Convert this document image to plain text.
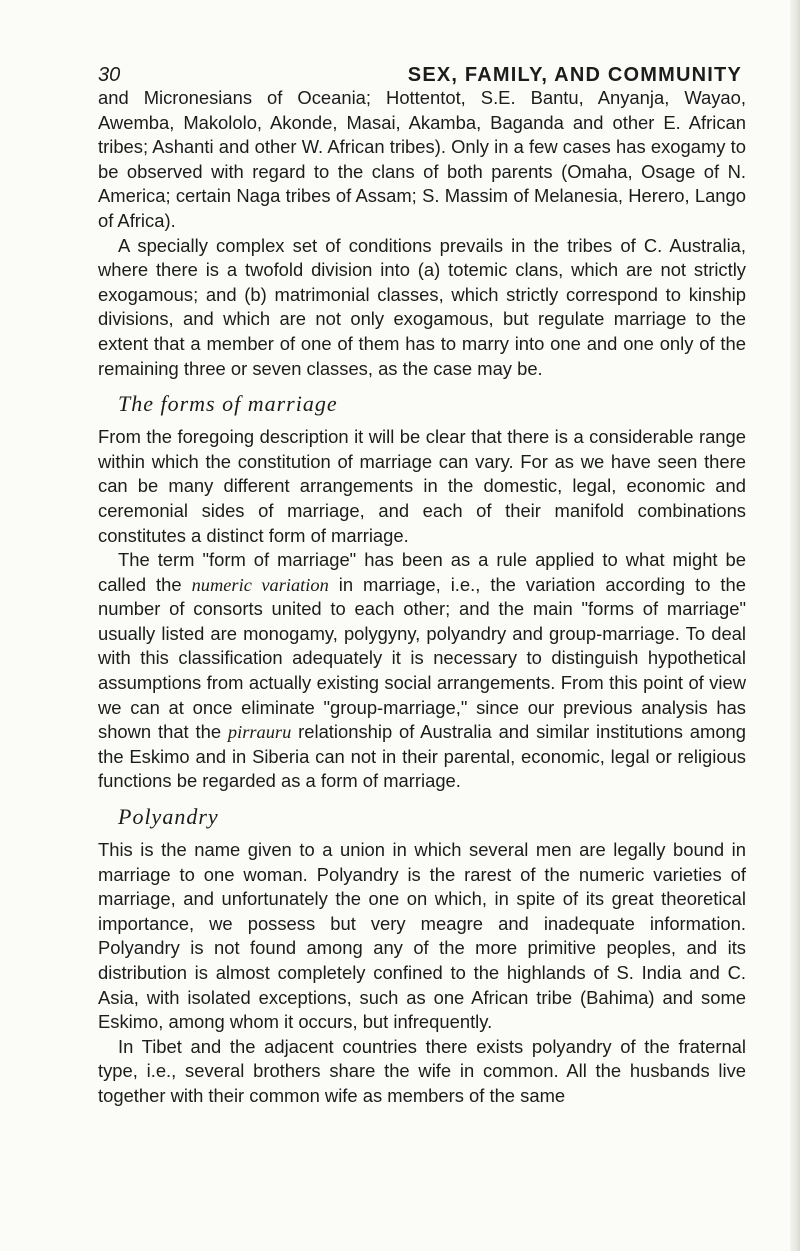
30	SEX, FAMILY, AND COMMUNITY

and Micronesians of Oceania; Hottentot, S.E. Bantu, Anyanja, Wayao, Awemba, Makololo, Akonde, Masai, Akamba, Baganda and other E. African tribes; Ashanti and other W. African tribes). Only in a few cases has exogamy to be observed with regard to the clans of both parents (Omaha, Osage of N. America; certain Naga tribes of Assam; S. Massim of Melanesia, Herero, Lango of Africa).

A specially complex set of conditions prevails in the tribes of C. Australia, where there is a twofold division into (a) totemic clans, which are not strictly exogamous; and (b) matrimonial classes, which strictly correspond to kinship divisions, and which are not only exogamous, but regulate marriage to the extent that a member of one of them has to marry into one and one only of the remaining three or seven classes, as the case may be.

The forms of marriage

From the foregoing description it will be clear that there is a considerable range within which the constitution of marriage can vary. For as we have seen there can be many different arrangements in the domestic, legal, economic and ceremonial sides of marriage, and each of their manifold combinations constitutes a distinct form of marriage.

The term "form of marriage" has been as a rule applied to what might be called the numeric variation in marriage, i.e., the variation according to the number of consorts united to each other; and the main "forms of marriage" usually listed are monogamy, polygyny, polyandry and group-marriage. To deal with this classification adequately it is necessary to distinguish hypothetical assumptions from actually existing social arrangements. From this point of view we can at once eliminate "group-marriage," since our previous analysis has shown that the pirrauru relationship of Australia and similar institutions among the Eskimo and in Siberia can not in their parental, economic, legal or religious functions be regarded as a form of marriage.

Polyandry

This is the name given to a union in which several men are legally bound in marriage to one woman. Polyandry is the rarest of the numeric varieties of marriage, and unfortunately the one on which, in spite of its great theoretical importance, we possess but very meagre and inadequate information. Polyandry is not found among any of the more primitive peoples, and its distribution is almost completely confined to the highlands of S. India and C. Asia, with isolated exceptions, such as one African tribe (Bahima) and some Eskimo, among whom it occurs, but infrequently.

In Tibet and the adjacent countries there exists polyandry of the fraternal type, i.e., several brothers share the wife in common. All the husbands live together with their common wife as members of the same
